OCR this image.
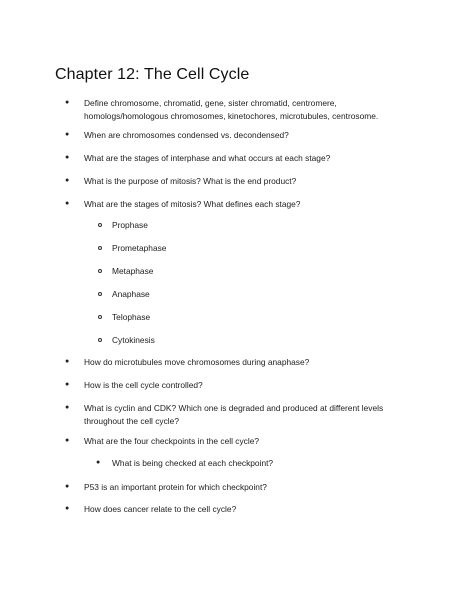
Chapter 12: The Cell Cycle
● Define chromosome, chromatid, gene, sister chromatid, centromere,
homologs/homologous chromosomes, kinetochores, microtubules, centrosome.
● When are chromosomes condensed vs. decondensed?
● What are the stages of interphase and what occurs at each stage?
● What is the purpose of mitosis? What is the end product?
● What are the stages of mitosis? What defines each stage?
Prophase
Prometaphase
Metaphase
Anaphase
Telophase
Cytokinesis
● How do microtubules move chromosomes during anaphase?
● How is the cell cycle controlled?
● What is cyclin and CDK? Which one is degraded and produced at different levels
throughout the cell cycle?
● What are the four checkpoints in the cell cycle?
● What is being checked at each checkpoint?
● P53 is an important protein for which checkpoint?
● How does cancer relate to the cell cycle?
